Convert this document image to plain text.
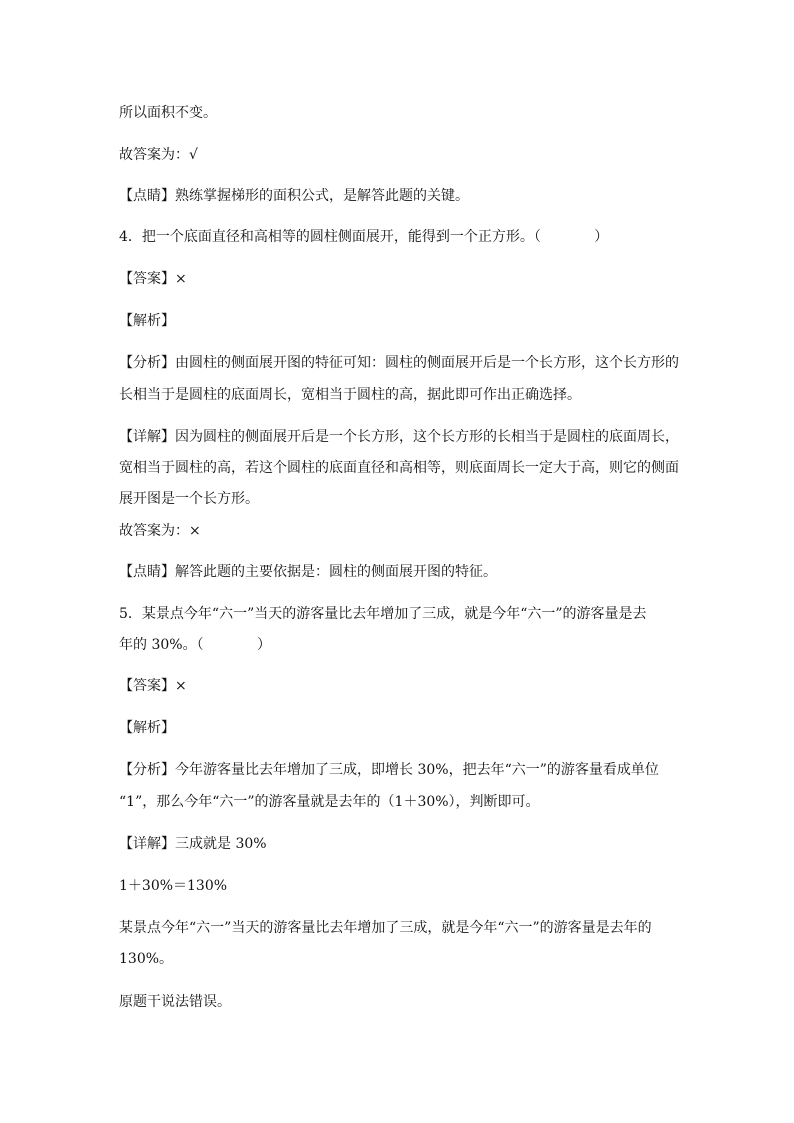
所以面积不变。
故答案为：√
【点睛】熟练掌握梯形的面积公式，是解答此题的关键。
4．把一个底面直径和高相等的圆柱侧面展开，能得到一个正方形。（            ）
【答案】×
【解析】
【分析】由圆柱的侧面展开图的特征可知：圆柱的侧面展开后是一个长方形，这个长方形的
长相当于是圆柱的底面周长，宽相当于圆柱的高，据此即可作出正确选择。
【详解】因为圆柱的侧面展开后是一个长方形，这个长方形的长相当于是圆柱的底面周长，
宽相当于圆柱的高，若这个圆柱的底面直径和高相等，则底面周长一定大于高，则它的侧面
展开图是一个长方形。
故答案为：×
【点睛】解答此题的主要依据是：圆柱的侧面展开图的特征。
5．某景点今年“六一”当天的游客量比去年增加了三成，就是今年“六一”的游客量是去
年的 30%。（            ）
【答案】×
【解析】
【分析】今年游客量比去年增加了三成，即增长 30%，把去年“六一”的游客量看成单位
“1”，那么今年“六一”的游客量就是去年的（1＋30%），判断即可。
【详解】三成就是 30%
1＋30%＝130%
某景点今年“六一”当天的游客量比去年增加了三成，就是今年“六一”的游客量是去年的
130%。
原题干说法错误。
